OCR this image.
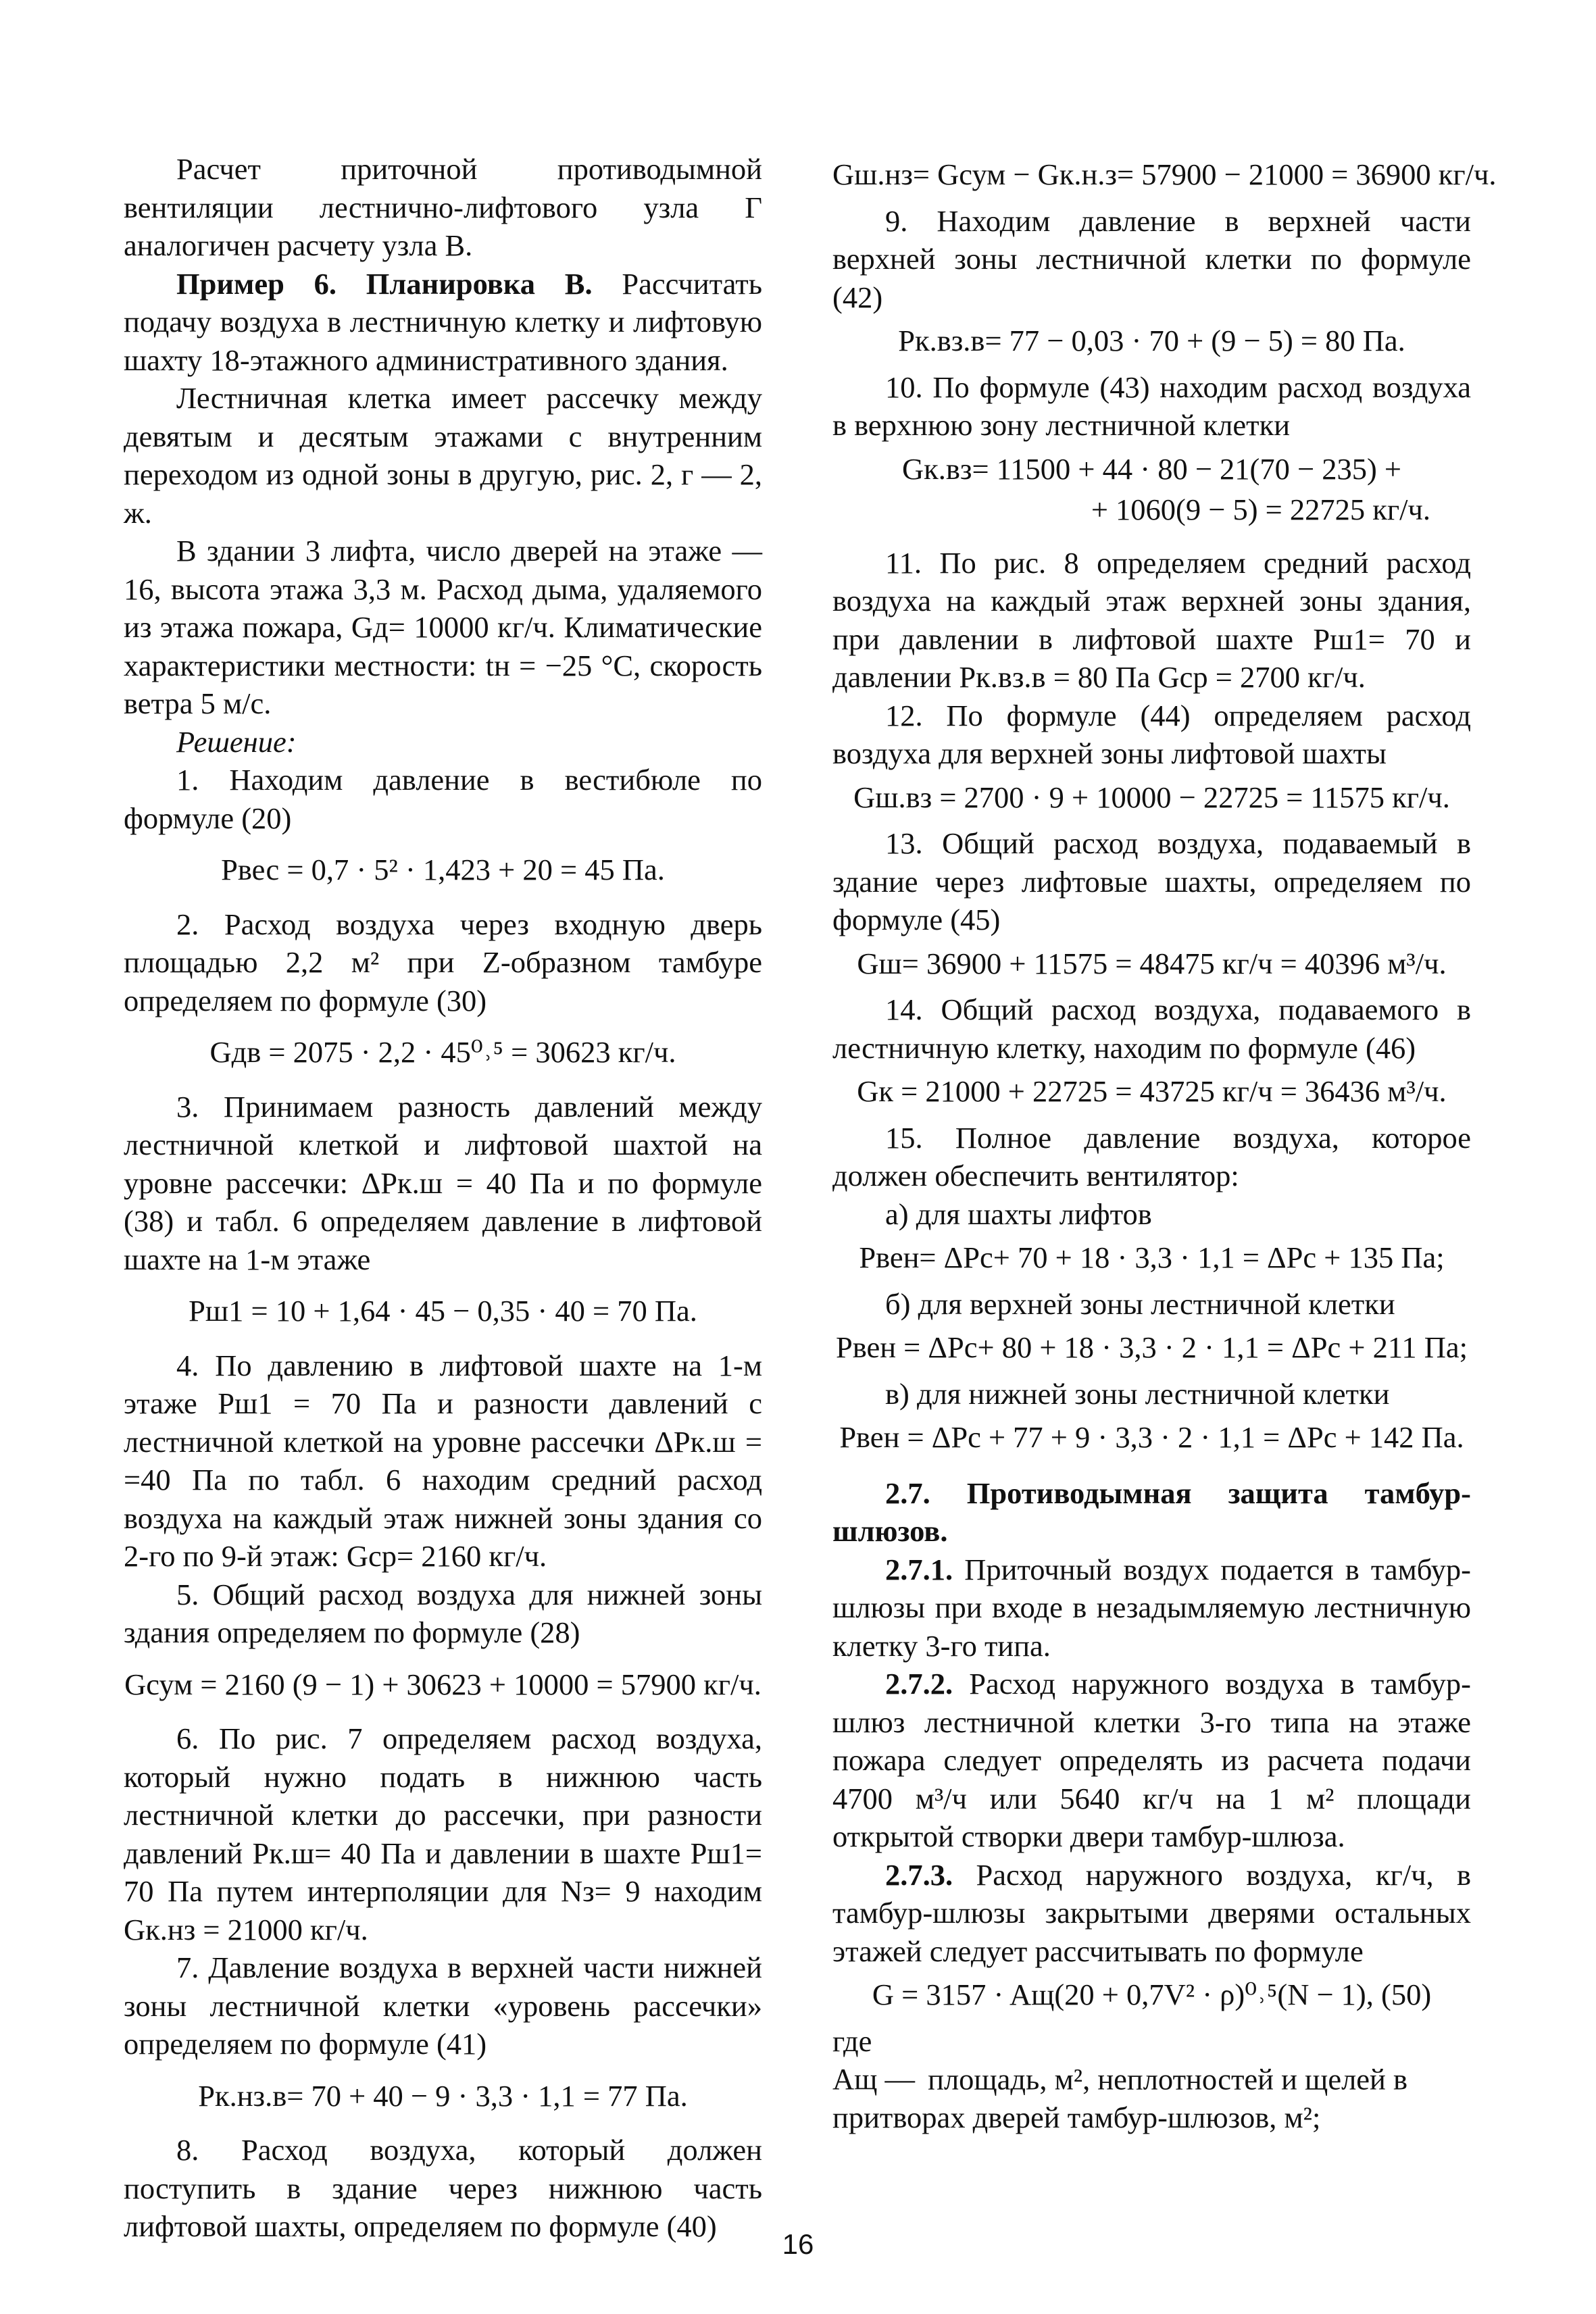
Расчет приточной противодымной вентиляции лестнично-лифтового узла Г аналогичен расчету узла В.

Пример 6. Планировка В. Рассчитать подачу воздуха в лестничную клетку и лифтовую шахту 18-этажного административного здания.

Лестничная клетка имеет рассечку между девятым и десятым этажами с внутренним переходом из одной зоны в другую, рис. 2, г — 2, ж.

В здании 3 лифта, число дверей на этаже — 16, высота этажа 3,3 м. Расход дыма, удаляемого из этажа пожара, Gд= 10000 кг/ч. Климатические характеристики местности: tн = −25 °С, скорость ветра 5 м/с.

Решение:

1. Находим давление в вестибюле по формуле (20)

Pвес = 0,7 · 5² · 1,423 + 20 = 45 Па.

2. Расход воздуха через входную дверь площадью 2,2 м² при Z-образном тамбуре определяем по формуле (30)

Gдв = 2075 · 2,2 · 45⁰˒⁵ = 30623 кг/ч.

3. Принимаем разность давлений между лестничной клеткой и лифтовой шахтой на уровне рассечки: ΔPк.ш = 40 Па и по формуле (38) и табл. 6 определяем давление в лифтовой шахте на 1-м этаже

Pш1 = 10 + 1,64 · 45 − 0,35 · 40 = 70 Па.

4. По давлению в лифтовой шахте на 1-м этаже Pш1 = 70 Па и разности давлений с лестничной клеткой на уровне рассечки ΔPк.ш = =40 Па по табл. 6 находим средний расход воздуха на каждый этаж нижней зоны здания со 2-го по 9-й этаж: Gср= 2160 кг/ч.

5. Общий расход воздуха для нижней зоны здания определяем по формуле (28)

Gсум = 2160 (9 − 1) + 30623 + 10000 = 57900 кг/ч.

6. По рис. 7 определяем расход воздуха, который нужно подать в нижнюю часть лестничной клетки до рассечки, при разности давлений Pк.ш= 40 Па и давлении в шахте Pш1= 70 Па путем интерполяции для Nз= 9 находим Gк.нз = 21000 кг/ч.

7. Давление воздуха в верхней части нижней зоны лестничной клетки «уровень рассечки» определяем по формуле (41)

Pк.нз.в= 70 + 40 − 9 · 3,3 · 1,1 = 77 Па.

8. Расход воздуха, который должен поступить в здание через нижнюю часть лифтовой шахты, определяем по формуле (40)

Gш.нз= Gсум − Gк.н.з= 57900 − 21000 = 36900 кг/ч.

9. Находим давление в верхней части верхней зоны лестничной клетки по формуле (42)

Pк.вз.в= 77 − 0,03 · 70 + (9 − 5) = 80 Па.

10. По формуле (43) находим расход воздуха в верхнюю зону лестничной клетки

Gк.вз= 11500 + 44 · 80 − 21(70 − 235) +
+ 1060(9 − 5) = 22725 кг/ч.

11. По рис. 8 определяем средний расход воздуха на каждый этаж верхней зоны здания, при давлении в лифтовой шахте Pш1= 70 и давлении Pк.вз.в = 80 Па Gср = 2700 кг/ч.

12. По формуле (44) определяем расход воздуха для верхней зоны лифтовой шахты

Gш.вз = 2700 · 9 + 10000 − 22725 = 11575 кг/ч.

13. Общий расход воздуха, подаваемый в здание через лифтовые шахты, определяем по формуле (45)

Gш= 36900 + 11575 = 48475 кг/ч = 40396 м³/ч.

14. Общий расход воздуха, подаваемого в лестничную клетку, находим по формуле (46)

Gк = 21000 + 22725 = 43725 кг/ч = 36436 м³/ч.

15. Полное давление воздуха, которое должен обеспечить вентилятор:

а) для шахты лифтов

Pвен= ΔPс+ 70 + 18 · 3,3 · 1,1 = ΔPс + 135 Па;

б) для верхней зоны лестничной клетки

Pвен = ΔPс+ 80 + 18 · 3,3 · 2 · 1,1 = ΔPс + 211 Па;

в) для нижней зоны лестничной клетки

Pвен = ΔPс + 77 + 9 · 3,3 · 2 · 1,1 = ΔPс + 142 Па.

2.7. Противодымная защита тамбур-шлюзов.

2.7.1. Приточный воздух подается в тамбур-шлюзы при входе в незадымляемую лестничную клетку 3-го типа.

2.7.2. Расход наружного воздуха в тамбур-шлюз лестничной клетки 3-го типа на этаже пожара следует определять из расчета подачи 4700 м³/ч или 5640 кг/ч на 1 м² площади открытой створки двери тамбур-шлюза.

2.7.3. Расход наружного воздуха, кг/ч, в тамбур-шлюзы закрытыми дверями остальных этажей следует рассчитывать по формуле

G = 3157 · Aщ(20 + 0,7V² · ρ)⁰˒⁵(N − 1), (50)
где Aщ — площадь, м², неплотностей и щелей в притворах дверей тамбур-шлюзов, м²;
16
